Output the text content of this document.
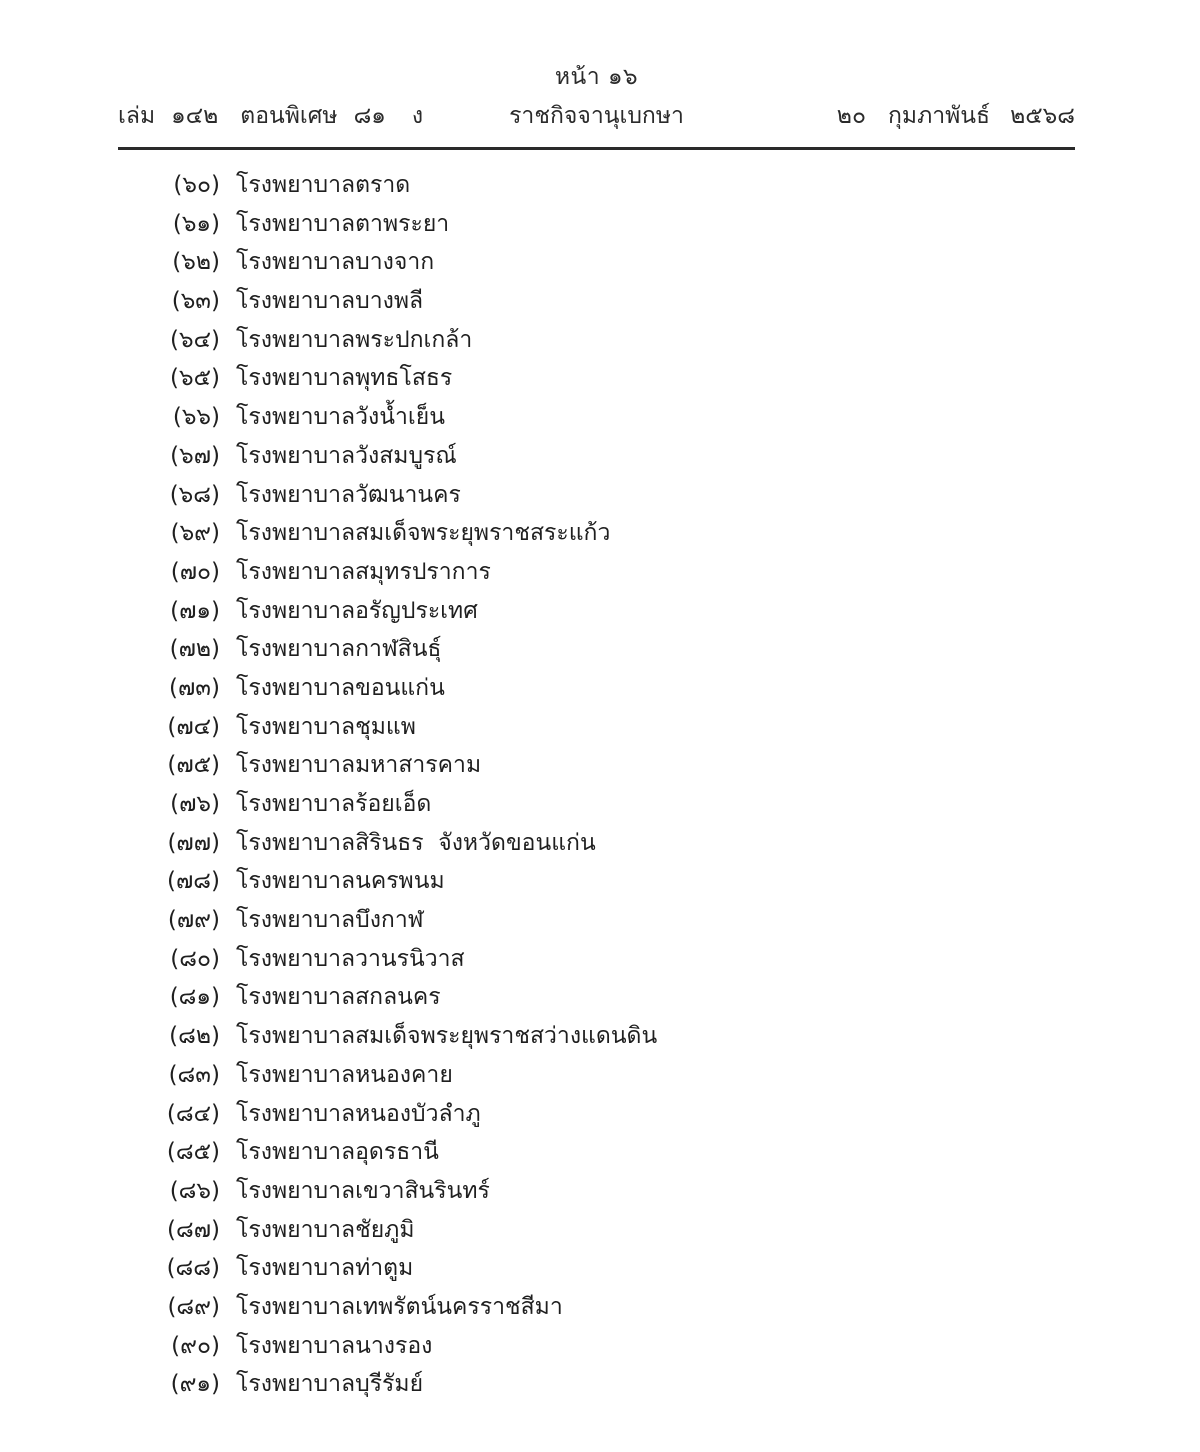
หน้า ๑๖
เล่ม ๑๔๒ ตอนพิเศษ ๘๑ ง	ราชกิจจานุเบกษา	๒๐ กุมภาพันธ์ ๒๕๖๘
(๖๐) โรงพยาบาลตราด
(๖๑) โรงพยาบาลตาพระยา
(๖๒) โรงพยาบาลบางจาก
(๖๓) โรงพยาบาลบางพลี
(๖๔) โรงพยาบาลพระปกเกล้า
(๖๕) โรงพยาบาลพุทธโสธร
(๖๖) โรงพยาบาลวังน้ำเย็น
(๖๗) โรงพยาบาลวังสมบูรณ์
(๖๘) โรงพยาบาลวัฒนานคร
(๖๙) โรงพยาบาลสมเด็จพระยุพราชสระแก้ว
(๗๐) โรงพยาบาลสมุทรปราการ
(๗๑) โรงพยาบาลอรัญประเทศ
(๗๒) โรงพยาบาลกาฬสินธุ์
(๗๓) โรงพยาบาลขอนแก่น
(๗๔) โรงพยาบาลชุมแพ
(๗๕) โรงพยาบาลมหาสารคาม
(๗๖) โรงพยาบาลร้อยเอ็ด
(๗๗) โรงพยาบาลสิรินธร  จังหวัดขอนแก่น
(๗๘) โรงพยาบาลนครพนม
(๗๙) โรงพยาบาลบึงกาฬ
(๘๐) โรงพยาบาลวานรนิวาส
(๘๑) โรงพยาบาลสกลนคร
(๘๒) โรงพยาบาลสมเด็จพระยุพราชสว่างแดนดิน
(๘๓) โรงพยาบาลหนองคาย
(๘๔) โรงพยาบาลหนองบัวลำภู
(๘๕) โรงพยาบาลอุดรธานี
(๘๖) โรงพยาบาลเขวาสินรินทร์
(๘๗) โรงพยาบาลชัยภูมิ
(๘๘) โรงพยาบาลท่าตูม
(๘๙) โรงพยาบาลเทพรัตน์นครราชสีมา
(๙๐) โรงพยาบาลนางรอง
(๙๑) โรงพยาบาลบุรีรัมย์
